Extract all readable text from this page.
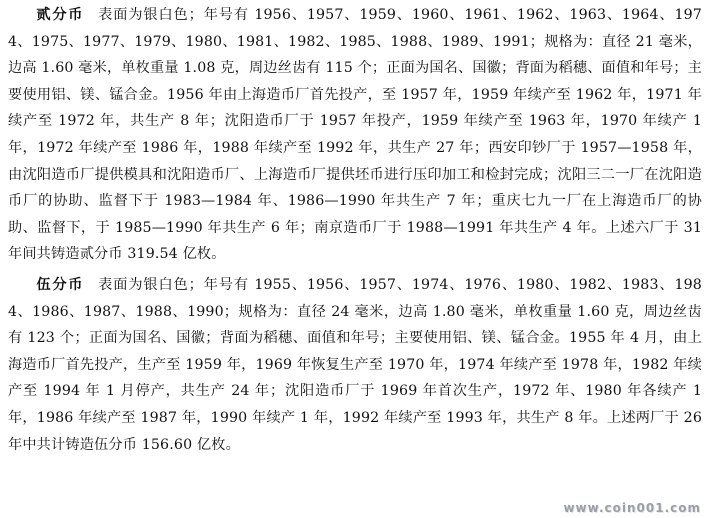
贰分币 表面为银白色；年号有 1956、1957、1959、1960、1961、1962、1963、1964、1974、1975、1977、1979、1980、1981、1982、1985、1988、1989、1991；规格为：直径 21 毫米，边高 1.60 毫米，单枚重量 1.08 克，周边丝齿有 115 个；正面为国名、国徽；背面为稻穗、面值和年号；主要使用铝、镁、锰合金。1956 年由上海造币厂首先投产，至 1957 年，1959 年续产至 1962 年，1971 年续产至 1972 年，共生产 8 年；沈阳造币厂于 1957 年投产，1959 年续产至 1963 年，1970 年续产 1 年，1972 年续产至 1986 年，1988 年续产至 1992 年，共生产 27 年；西安印钞厂于 1957—1958 年，由沈阳造币厂提供模具和沈阳造币厂、上海造币厂提供坯币进行压印加工和检封完成；沈阳三二一厂在沈阳造币厂的协助、监督下于 1983—1984 年、1986—1990 年共生产 7 年；重庆七九一厂在上海造币厂的协助、监督下，于 1985—1990 年共生产 6 年；南京造币厂于 1988—1991 年共生产 4 年。上述六厂于 31 年间共铸造贰分币 319.54 亿枚。

伍分币 表面为银白色；年号有 1955、1956、1957、1974、1976、1980、1982、1983、1984、1986、1987、1988、1990；规格为：直径 24 毫米，边高 1.80 毫米，单枚重量 1.60 克，周边丝齿有 123 个；正面为国名、国徽；背面为稻穗、面值和年号；主要使用铝、镁、锰合金。1955 年 4 月，由上海造币厂首先投产，生产至 1959 年，1969 年恢复生产至 1970 年，1974 年续产至 1978 年，1982 年续产至 1994 年 1 月停产，共生产 24 年；沈阳造币厂于 1969 年首次生产，1972 年、1980 年各续产 1 年，1986 年续产至 1987 年，1990 年续产 1 年，1992 年续产至 1993 年，共生产 8 年。上述两厂于 26 年中共计铸造伍分币 156.60 亿枚。

www.coin001.com
